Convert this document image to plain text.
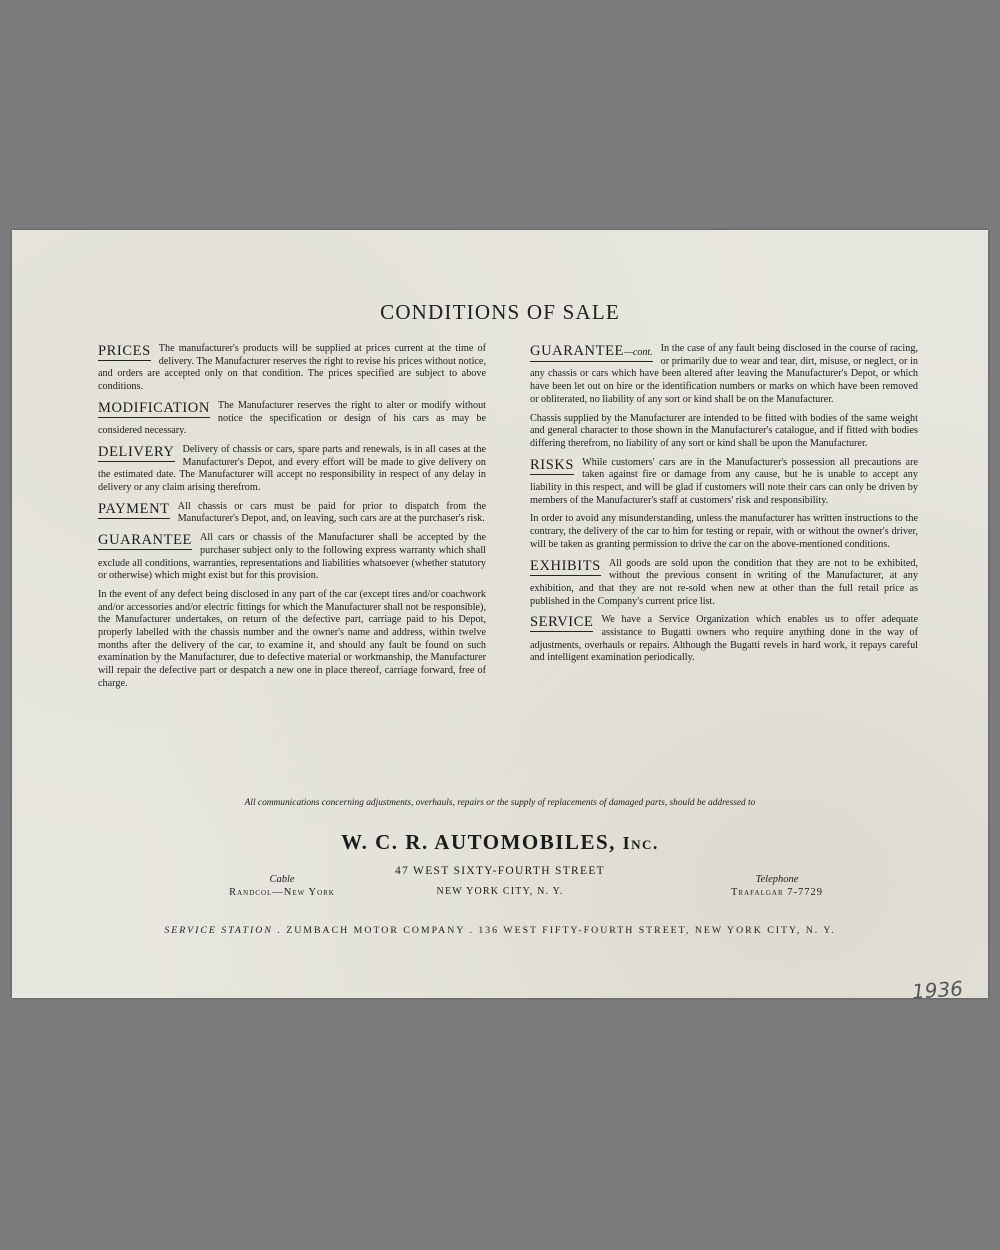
CONDITIONS OF SALE
PRICES The manufacturer's products will be supplied at prices current at the time of delivery. The Manufacturer reserves the right to revise his prices without notice, and orders are accepted only on that condition. The prices specified are subject to above conditions.

MODIFICATION The Manufacturer reserves the right to alter or modify without notice the specification or design of his cars as may be considered necessary.

DELIVERY Delivery of chassis or cars, spare parts and renewals, is in all cases at the Manufacturer's Depot, and every effort will be made to give delivery on the estimated date. The Manufacturer will accept no responsibility in respect of any delay in delivery or any claim arising therefrom.

PAYMENT All chassis or cars must be paid for prior to dispatch from the Manufacturer's Depot, and, on leaving, such cars are at the purchaser's risk.

GUARANTEE All cars or chassis of the Manufacturer shall be accepted by the purchaser subject only to the following express warranty which shall exclude all conditions, warranties, representations and liabilities whatsoever (whether statutory or otherwise) which might exist but for this provision.

In the event of any defect being disclosed in any part of the car (except tires and/or coachwork and/or accessories and/or electric fittings for which the Manufacturer shall not be responsible), the Manufacturer undertakes, on return of the defective part, carriage paid to his Depot, properly labelled with the chassis number and the owner's name and address, within twelve months after the delivery of the car, to examine it, and should any fault be found on such examination by the Manufacturer, due to defective material or workmanship, the Manufacturer will repair the defective part or despatch a new one in place thereof, carriage forward, free of charge.

GUARANTEE—cont. In the case of any fault being disclosed in the course of racing, or primarily due to wear and tear, dirt, misuse, or neglect, or in any chassis or cars which have been altered after leaving the Manufacturer's Depot, or which have been let out on hire or the identification numbers or marks on which have been removed or obliterated, no liability of any sort or kind shall be on the Manufacturer.

Chassis supplied by the Manufacturer are intended to be fitted with bodies of the same weight and general character to those shown in the Manufacturer's catalogue, and if fitted with bodies differing therefrom, no liability of any sort or kind shall be upon the Manufacturer.

RISKS While customers' cars are in the Manufacturer's possession all precautions are taken against fire or damage from any cause, but he is unable to accept any liability in this respect, and will be glad if customers will note their cars can only be driven by members of the Manufacturer's staff at customers' risk and responsibility.

In order to avoid any misunderstanding, unless the manufacturer has written instructions to the contrary, the delivery of the car to him for testing or repair, with or without the owner's driver, will be taken as granting permission to drive the car on the above-mentioned conditions.

EXHIBITS All goods are sold upon the condition that they are not to be exhibited, without the previous consent in writing of the Manufacturer, at any exhibition, and that they are not re-sold when new at other than the full retail price as published in the Company's current price list.

SERVICE We have a Service Organization which enables us to offer adequate assistance to Bugatti owners who require anything done in the way of adjustments, overhauls or repairs. Although the Bugatti revels in hard work, it repays careful and intelligent examination periodically.

All communications concerning adjustments, overhauls, repairs or the supply of replacements of damaged parts, should be addressed to
W. C. R. AUTOMOBILES, Inc.
47 WEST SIXTY-FOURTH STREET
Cable
Randcol—New York	NEW YORK CITY, N. Y.
Telephone
Trafalgar 7-7729
SERVICE STATION . ZUMBACH MOTOR COMPANY . 136 WEST FIFTY-FOURTH STREET, NEW YORK CITY, N. Y.
1936
